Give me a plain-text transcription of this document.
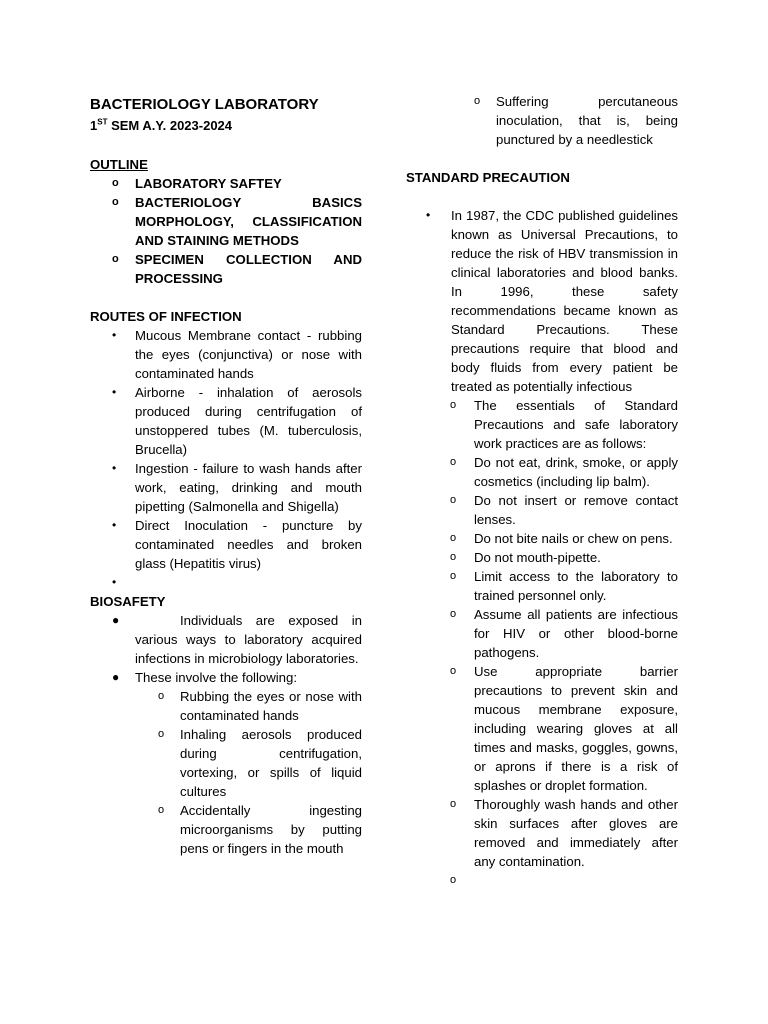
BACTERIOLOGY LABORATORY
1ST SEM A.Y. 2023-2024
OUTLINE
o LABORATORY SAFTEY
o BACTERIOLOGY BASICS MORPHOLOGY, CLASSIFICATION AND STAINING METHODS
o SPECIMEN COLLECTION AND PROCESSING
ROUTES OF INFECTION
• Mucous Membrane contact - rubbing the eyes (conjunctiva) or nose with contaminated hands
• Airborne - inhalation of aerosols produced during centrifugation of unstoppered tubes (M. tuberculosis, Brucella)
• Ingestion - failure to wash hands after work, eating, drinking and mouth pipetting (Salmonella and Shigella)
• Direct Inoculation - puncture by contaminated needles and broken glass (Hepatitis virus)
•
BIOSAFETY
●	Individuals are exposed in various ways to laboratory acquired infections in microbiology laboratories.
● These involve the following:
o Rubbing the eyes or nose with contaminated hands
o Inhaling aerosols produced during centrifugation, vortexing, or spills of liquid cultures
o Accidentally ingesting microorganisms by putting pens or fingers in the mouth
o Suffering percutaneous inoculation, that is, being punctured by a needlestick
STANDARD PRECAUTION
• In 1987, the CDC published guidelines known as Universal Precautions, to reduce the risk of HBV transmission in clinical laboratories and blood banks. In 1996, these safety recommendations became known as Standard Precautions. These precautions require that blood and body fluids from every patient be treated as potentially infectious
o The essentials of Standard Precautions and safe laboratory work practices are as follows:
o Do not eat, drink, smoke, or apply cosmetics (including lip balm).
o Do not insert or remove contact lenses.
o Do not bite nails or chew on pens.
o Do not mouth-pipette.
o Limit access to the laboratory to trained personnel only.
o Assume all patients are infectious for HIV or other blood-borne pathogens.
o Use appropriate barrier precautions to prevent skin and mucous membrane exposure, including wearing gloves at all times and masks, goggles, gowns, or aprons if there is a risk of splashes or droplet formation.
o Thoroughly wash hands and other skin surfaces after gloves are removed and immediately after any contamination.
o
